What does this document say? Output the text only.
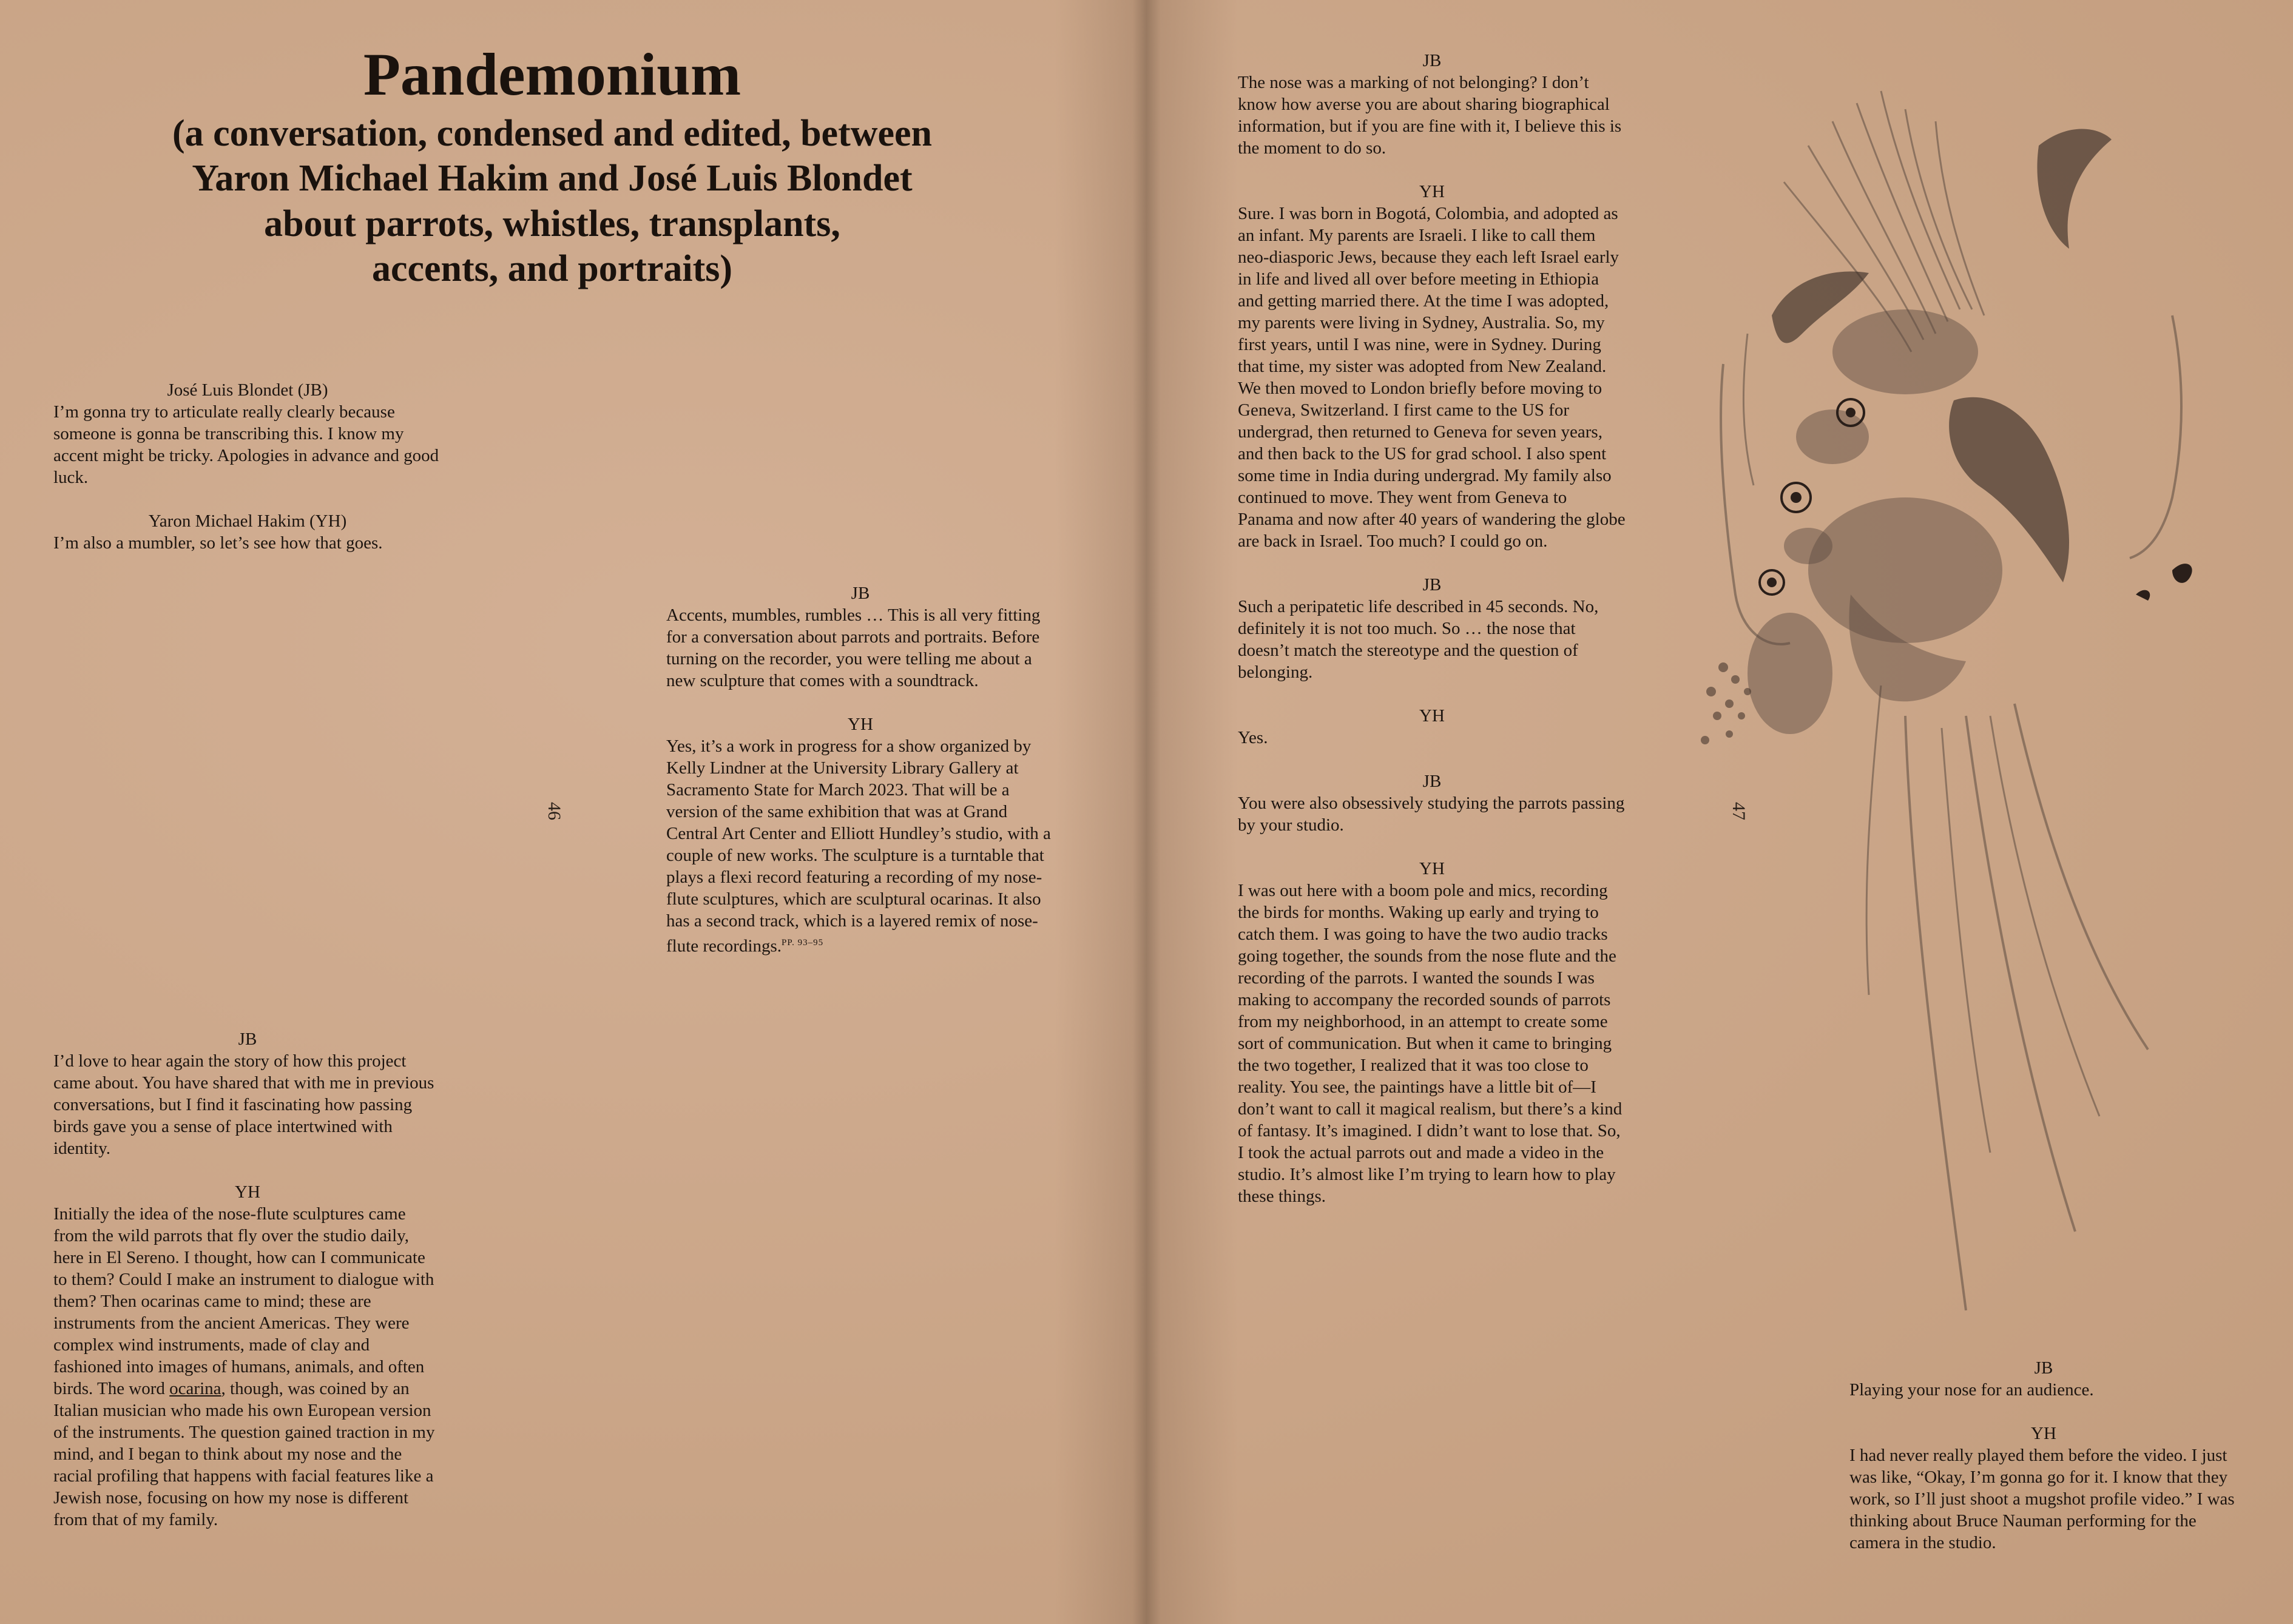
Pandemonium

(a conversation, condensed and edited, between
Yaron Michael Hakim and José Luis Blondet
about parrots, whistles, transplants,
accents, and portraits)

José Luis Blondet (JB)

I’m gonna try to articulate really clearly because someone is gonna be transcribing this. I know my accent might be tricky. Apologies in advance and good luck.

Yaron Michael Hakim (YH)

I’m also a mumbler, so let’s see how that goes.

JB

I’d love to hear again the story of how this project came about. You have shared that with me in previous conversations, but I find it fascinating how passing birds gave you a sense of place intertwined with identity.

YH

Initially the idea of the nose-flute sculptures came from the wild parrots that fly over the studio daily, here in El Sereno. I thought, how can I communicate to them? Could I make an instrument to dialogue with them? Then ocarinas came to mind; these are instruments from the ancient Americas. They were complex wind instruments, made of clay and fashioned into images of humans, animals, and often birds. The word ocarina, though, was coined by an Italian musician who made his own European version of the instruments. The question gained traction in my mind, and I began to think about my nose and the racial profiling that happens with facial features like a Jewish nose, focusing on how my nose is different from that of my family.
46

JB

Accents, mumbles, rumbles … This is all very fitting for a conversation about parrots and portraits. Before turning on the recorder, you were telling me about a new sculpture that comes with a soundtrack.

YH

Yes, it’s a work in progress for a show organized by Kelly Lindner at the University Library Gallery at Sacramento State for March 2023. That will be a version of the same exhibition that was at Grand Central Art Center and Elliott Hundley’s studio, with a couple of new works. The sculpture is a turntable that plays a flexi record featuring a recording of my nose-flute sculptures, which are sculptural ocarinas. It also has a second track, which is a layered remix of nose-flute recordings.$^{PP. 93-95}$

JB

The nose was a marking of not belonging? I don’t know how averse you are about sharing biographical information, but if you are fine with it, I believe this is the moment to do so.

YH

Sure. I was born in Bogotá, Colombia, and adopted as an infant. My parents are Israeli. I like to call them neo-diasporic Jews, because they each left Israel early in life and lived all over before meeting in Ethiopia and getting married there. At the time I was adopted, my parents were living in Sydney, Australia. So, my first years, until I was nine, were in Sydney. During that time, my sister was adopted from New Zealand. We then moved to London briefly before moving to Geneva, Switzerland. I first came to the US for undergrad, then returned to Geneva for seven years, and then back to the US for grad school. I also spent some time in India during undergrad. My family also continued to move. They went from Geneva to Panama and now after 40 years of wandering the globe are back in Israel. Too much? I could go on.

JB

Such a peripatetic life described in 45 seconds. No, definitely it is not too much. So … the nose that doesn’t match the stereotype and the question of belonging.

YH

Yes.

JB

You were also obsessively studying the parrots passing by your studio.

YH

I was out here with a boom pole and mics, recording the birds for months. Waking up early and trying to catch them. I was going to have the two audio tracks going together, the sounds from the nose flute and the recording of the parrots. I wanted the sounds I was making to accompany the recorded sounds of parrots from my neighborhood, in an attempt to create some sort of communication. But when it came to bringing the two together, I realized that it was too close to reality. You see, the paintings have a little bit of—I don’t want to call it magical realism, but there’s a kind of fantasy. It’s imagined. I didn’t want to lose that. So, I took the actual parrots out and made a video in the studio. It’s almost like I’m trying to learn how to play these things.
47

JB

Playing your nose for an audience.

YH

I had never really played them before the video. I just was like, “Okay, I’m gonna go for it. I know that they work, so I’ll just shoot a mugshot profile video.” I was thinking about Bruce Nauman performing for the camera in the studio.
